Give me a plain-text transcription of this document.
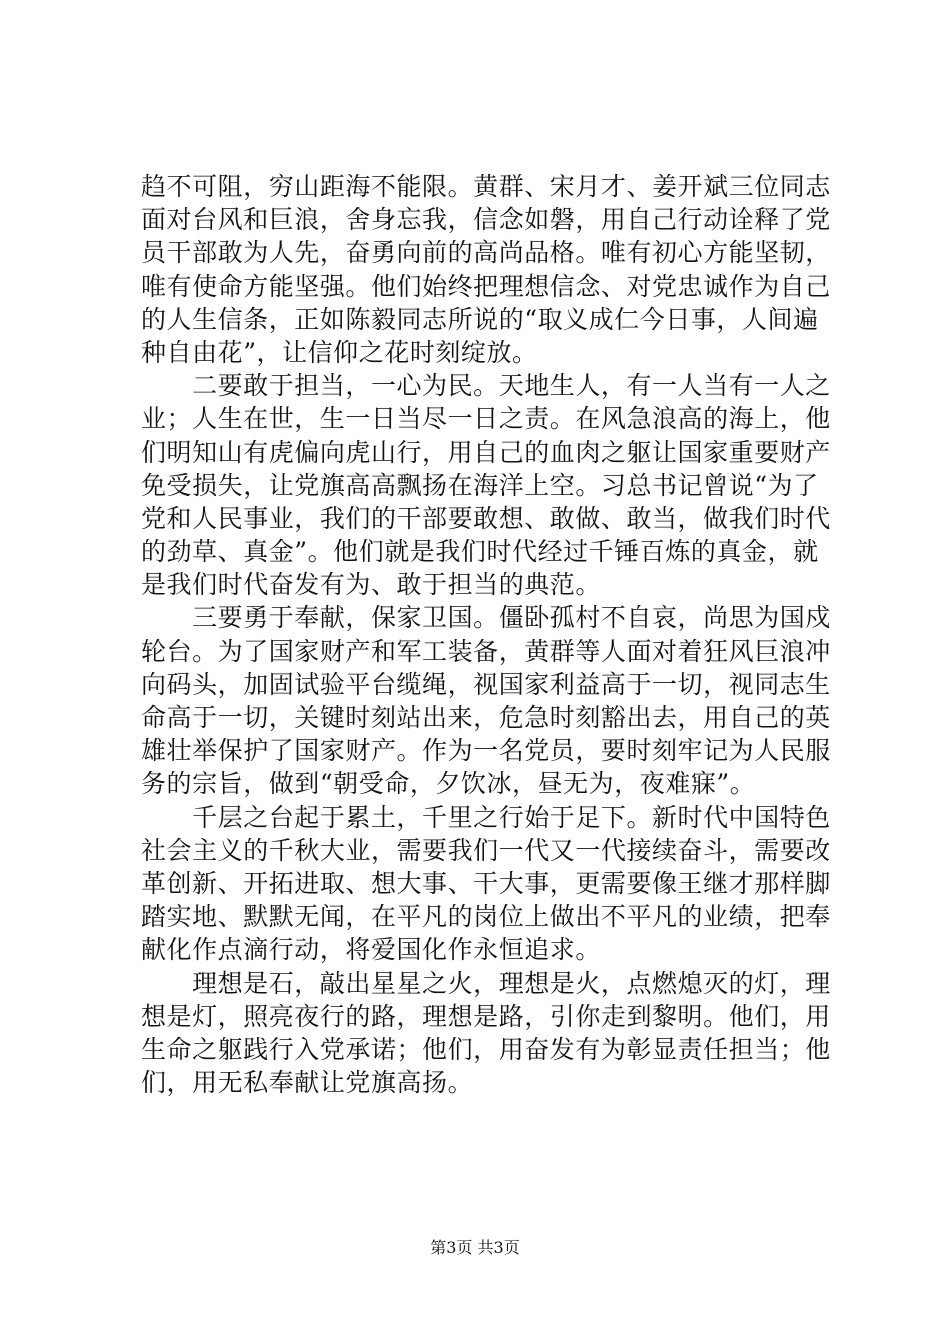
趋不可阻，穷山距海不能限。黄群、宋月才、姜开斌三位同志
面对台风和巨浪，舍身忘我，信念如磐，用自己行动诠释了党
员干部敢为人先，奋勇向前的高尚品格。唯有初心方能坚韧，
唯有使命方能坚强。他们始终把理想信念、对党忠诚作为自己
的人生信条，正如陈毅同志所说的“取义成仁今日事，人间遍
种自由花”，让信仰之花时刻绽放。
　　二要敢于担当，一心为民。天地生人，有一人当有一人之
业；人生在世，生一日当尽一日之责。在风急浪高的海上，他
们明知山有虎偏向虎山行，用自己的血肉之躯让国家重要财产
免受损失，让党旗高高飘扬在海洋上空。习总书记曾说“为了
党和人民事业，我们的干部要敢想、敢做、敢当，做我们时代
的劲草、真金”。他们就是我们时代经过千锤百炼的真金，就
是我们时代奋发有为、敢于担当的典范。
　　三要勇于奉献，保家卫国。僵卧孤村不自哀，尚思为国戍
轮台。为了国家财产和军工装备，黄群等人面对着狂风巨浪冲
向码头，加固试验平台缆绳，视国家利益高于一切，视同志生
命高于一切，关键时刻站出来，危急时刻豁出去，用自己的英
雄壮举保护了国家财产。作为一名党员，要时刻牢记为人民服
务的宗旨，做到“朝受命，夕饮冰，昼无为，夜难寐”。
　　千层之台起于累土，千里之行始于足下。新时代中国特色
社会主义的千秋大业，需要我们一代又一代接续奋斗，需要改
革创新、开拓进取、想大事、干大事，更需要像王继才那样脚
踏实地、默默无闻，在平凡的岗位上做出不平凡的业绩，把奉
献化作点滴行动，将爱国化作永恒追求。
　　理想是石，敲出星星之火，理想是火，点燃熄灭的灯，理
想是灯，照亮夜行的路，理想是路，引你走到黎明。他们，用
生命之躯践行入党承诺；他们，用奋发有为彰显责任担当；他
们，用无私奉献让党旗高扬。
第3页 共3页
